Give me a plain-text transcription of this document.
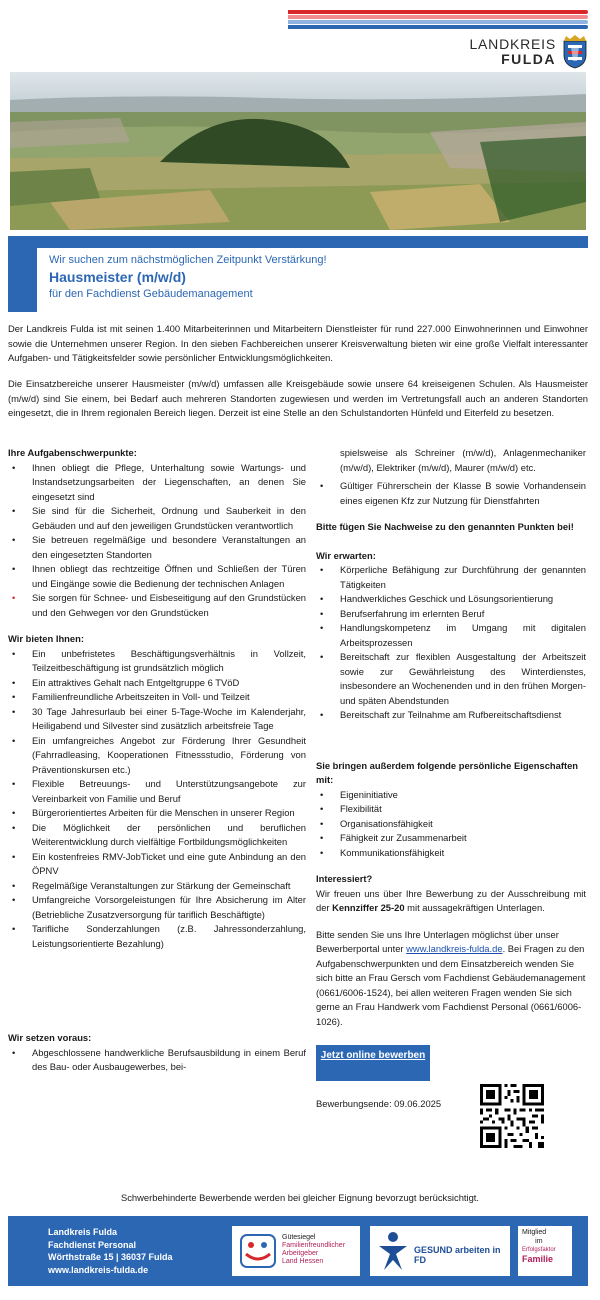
LANDKREIS
FULDA
Wir suchen zum nächstmöglichen Zeitpunkt Verstärkung!
Hausmeister (m/w/d)
für den Fachdienst Gebäudemanagement

Der Landkreis Fulda ist mit seinen 1.400 Mitarbeiterinnen und Mitarbeitern Dienstleister für rund 227.000 Einwohnerinnen und Einwohner sowie die Unternehmen unserer Region. In den sieben Fachbereichen unserer Kreisverwaltung bieten wir eine große Vielfalt interessanter Aufgaben- und Tätigkeitsfelder sowie persönlicher Entwicklungsmöglichkeiten.

Die Einsatzbereiche unserer Hausmeister (m/w/d) umfassen alle Kreisgebäude sowie unsere 64 kreiseigenen Schulen. Als Hausmeister (m/w/d) sind Sie einem, bei Bedarf auch mehreren Standorten zugewiesen und werden im Vertretungsfall auch an anderen Standorten eingesetzt, die in Ihrem regionalen Bereich liegen. Derzeit ist eine Stelle an den Schulstandorten Hünfeld und Eiterfeld zu besetzen.

Ihre Aufgabenschwerpunkte:
• Ihnen obliegt die Pflege, Unterhaltung sowie Wartungs- und Instandsetzungsarbeiten der Liegenschaften, an denen Sie eingesetzt sind
• Sie sind für die Sicherheit, Ordnung und Sauberkeit in den Gebäuden und auf den jeweiligen Grundstücken verantwortlich
• Sie betreuen regelmäßige und besondere Veranstaltungen an den eingesetzten Standorten
• Ihnen obliegt das rechtzeitige Öffnen und Schließen der Türen und Eingänge sowie die Bedienung der technischen Anlagen
• Sie sorgen für Schnee- und Eisbeseitigung auf den Grundstücken und den Gehwegen vor den Grundstücken
Wir bieten Ihnen:
• Ein unbefristetes Beschäftigungsverhältnis in Vollzeit, Teilzeitbeschäftigung ist grundsätzlich möglich
• Ein attraktives Gehalt nach Entgeltgruppe 6 TVöD
• Familienfreundliche Arbeitszeiten in Voll- und Teilzeit
• 30 Tage Jahresurlaub bei einer 5-Tage-Woche im Kalenderjahr, Heiligabend und Silvester sind zusätzlich arbeitsfreie Tage
• Ein umfangreiches Angebot zur Förderung Ihrer Gesundheit (Fahrradleasing, Kooperationen Fitnessstudio, Förderung von Präventionskursen etc.)
• Flexible Betreuungs- und Unterstützungsangebote zur Vereinbarkeit von Familie und Beruf
• Bürgerorientiertes Arbeiten für die Menschen in unserer Region
• Die Möglichkeit der persönlichen und beruflichen Weiterentwicklung durch vielfältige Fortbildungsmöglichkeiten
• Ein kostenfreies RMV-JobTicket und eine gute Anbindung an den ÖPNV
• Regelmäßige Veranstaltungen zur Stärkung der Gemeinschaft
• Umfangreiche Vorsorgeleistungen für Ihre Absicherung im Alter (Betriebliche Zusatzversorgung für tariflich Beschäftigte)
• Tarifliche Sonderzahlungen (z.B. Jahressonderzahlung, Leistungsorientierte Bezahlung)
Wir setzen voraus:
• Abgeschlossene handwerkliche Berufsausbildung in einem Beruf des Bau- oder Ausbaugewerbes, bei-
spielsweise als Schreiner (m/w/d), Anlagenmechaniker (m/w/d), Elektriker (m/w/d), Maurer (m/w/d) etc.
• Gültiger Führerschein der Klasse B sowie Vorhandensein eines eigenen Kfz zur Nutzung für Dienstfahrten
Bitte fügen Sie Nachweise zu den genannten Punkten bei!
Wir erwarten:
• Körperliche Befähigung zur Durchführung der genannten Tätigkeiten
• Handwerkliches Geschick und Lösungsorientierung
• Berufserfahrung im erlernten Beruf
• Handlungskompetenz im Umgang mit digitalen Arbeitsprozessen
• Bereitschaft zur flexiblen Ausgestaltung der Arbeitszeit sowie zur Gewährleistung des Winterdienstes, insbesondere an Wochenenden und in den frühen Morgen- und späten Abendstunden
• Bereitschaft zur Teilnahme am Rufbereitschaftsdienst
Sie bringen außerdem folgende persönliche Eigenschaften mit:
• Eigeninitiative
• Flexibilität
• Organisationsfähigkeit
• Fähigkeit zur Zusammenarbeit
• Kommunikationsfähigkeit
Interessiert?

Wir freuen uns über Ihre Bewerbung zu der Ausschreibung mit der Kennziffer 25-20 mit aussagekräftigen Unterlagen.

Bitte senden Sie uns Ihre Unterlagen möglichst über unser Bewerberportal unter www.landkreis-fulda.de. Bei Fragen zu den Aufgabenschwerpunkten und dem Einsatzbereich wenden Sie sich bitte an Frau Gersch vom Fachdienst Gebäudemanagement (0661/6006-1524), bei allen weiteren Fragen wenden Sie sich gerne an Frau Handwerk vom Fachdienst Personal (0661/6006-1026).

Jetzt online bewerben
Bewerbungsende: 09.06.2025
Schwerbehinderte Bewerbende werden bei gleicher Eignung bevorzugt berücksichtigt.
Landkreis Fulda
Fachdienst Personal
Wörthstraße 15 | 36037 Fulda
www.landkreis-fulda.de
Gütesiegel
Familienfreundlicher
Arbeitgeber
Land Hessen
GESUND arbeiten in FD
Mitglied
im
Erfolgsfaktor
Familie
